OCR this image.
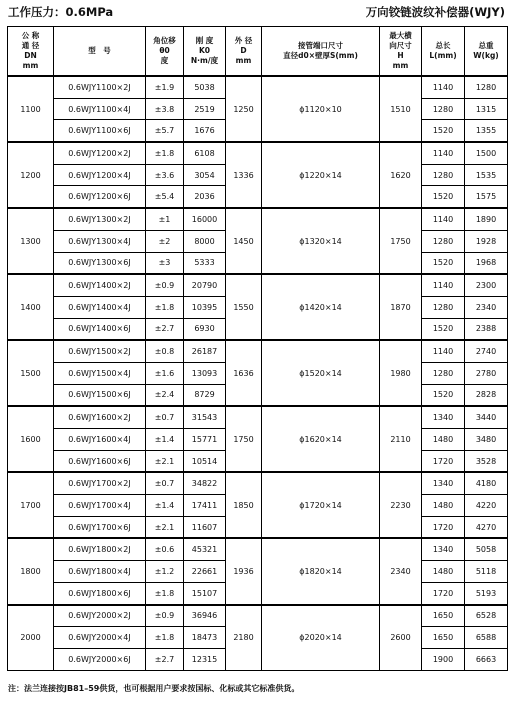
工作压力：0.6MPa	万向铰链波纹补偿器(WJY)
公 称
通 径
DN
mm	型　号	角位移
θ0
度	刚 度
K0
N·m/度	外 径
D
mm	接管端口尺寸
直径d0×壁厚S(mm)	最大横
向尺寸
H
mm	总长
L(mm)	总重
W(kg)
1100	0.6WJY1100×2J	±1.9	5038	1250	ϕ1120×10	1510	1140	1280
	0.6WJY1100×4J	±3.8	2519				1280	1315
	0.6WJY1100×6J	±5.7	1676				1520	1355
1200	0.6WJY1200×2J	±1.8	6108	1336	ϕ1220×14	1620	1140	1500
	0.6WJY1200×4J	±3.6	3054				1280	1535
	0.6WJY1200×6J	±5.4	2036				1520	1575
1300	0.6WJY1300×2J	±1	16000	1450	ϕ1320×14	1750	1140	1890
	0.6WJY1300×4J	±2	8000				1280	1928
	0.6WJY1300×6J	±3	5333				1520	1968
1400	0.6WJY1400×2J	±0.9	20790	1550	ϕ1420×14	1870	1140	2300
	0.6WJY1400×4J	±1.8	10395				1280	2340
	0.6WJY1400×6J	±2.7	6930				1520	2388
1500	0.6WJY1500×2J	±0.8	26187	1636	ϕ1520×14	1980	1140	2740
	0.6WJY1500×4J	±1.6	13093				1280	2780
	0.6WJY1500×6J	±2.4	8729				1520	2828
1600	0.6WJY1600×2J	±0.7	31543	1750	ϕ1620×14	2110	1340	3440
	0.6WJY1600×4J	±1.4	15771				1480	3480
	0.6WJY1600×6J	±2.1	10514				1720	3528
1700	0.6WJY1700×2J	±0.7	34822	1850	ϕ1720×14	2230	1340	4180
	0.6WJY1700×4J	±1.4	17411				1480	4220
	0.6WJY1700×6J	±2.1	11607				1720	4270
1800	0.6WJY1800×2J	±0.6	45321	1936	ϕ1820×14	2340	1340	5058
	0.6WJY1800×4J	±1.2	22661				1480	5118
	0.6WJY1800×6J	±1.8	15107				1720	5193
2000	0.6WJY2000×2J	±0.9	36946	2180	ϕ2020×14	2600	1650	6528
	0.6WJY2000×4J	±1.8	18473				1650	6588
	0.6WJY2000×6J	±2.7	12315				1900	6663
注：法兰连接按JB81–59供货，也可根据用户要求按国标、化标或其它标准供货。
